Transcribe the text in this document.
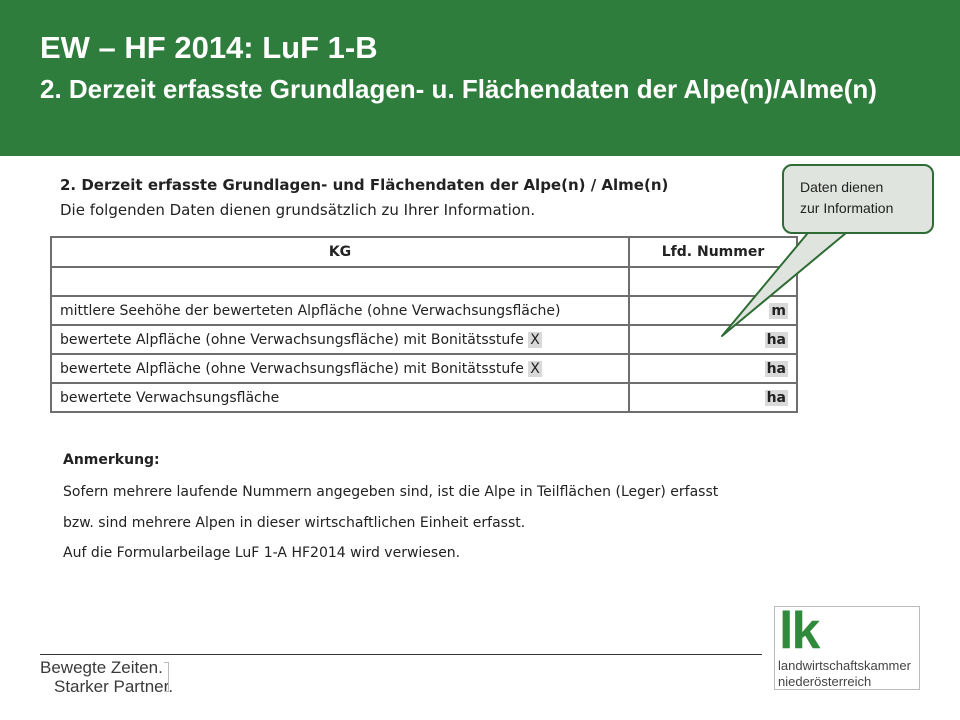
EW – HF 2014: LuF 1-B
2. Derzeit erfasste Grundlagen- u. Flächendaten der Alpe(n)/Alme(n)
2. Derzeit erfasste Grundlagen- und Flächendaten der Alpe(n) / Alme(n)
Die folgenden Daten dienen grundsätzlich zu Ihrer Information.
KG	Lfd. Nummer

mittlere Seehöhe der bewerteten Alpfläche (ohne Verwachsungsfläche)	m
bewertete Alpfläche (ohne Verwachsungsfläche) mit Bonitätsstufe X	ha
bewertete Alpfläche (ohne Verwachsungsfläche) mit Bonitätsstufe X	ha
bewertete Verwachsungsfläche	ha
Anmerkung:
Sofern mehrere laufende Nummern angegeben sind, ist die Alpe in Teilflächen (Leger) erfasst
bzw. sind mehrere Alpen in dieser wirtschaftlichen Einheit erfasst.
Auf die Formularbeilage LuF 1-A HF2014 wird verwiesen.
Daten dienen
zur Information
Bewegte Zeiten.
Starker Partner.
lk
landwirtschaftskammer
niederösterreich
